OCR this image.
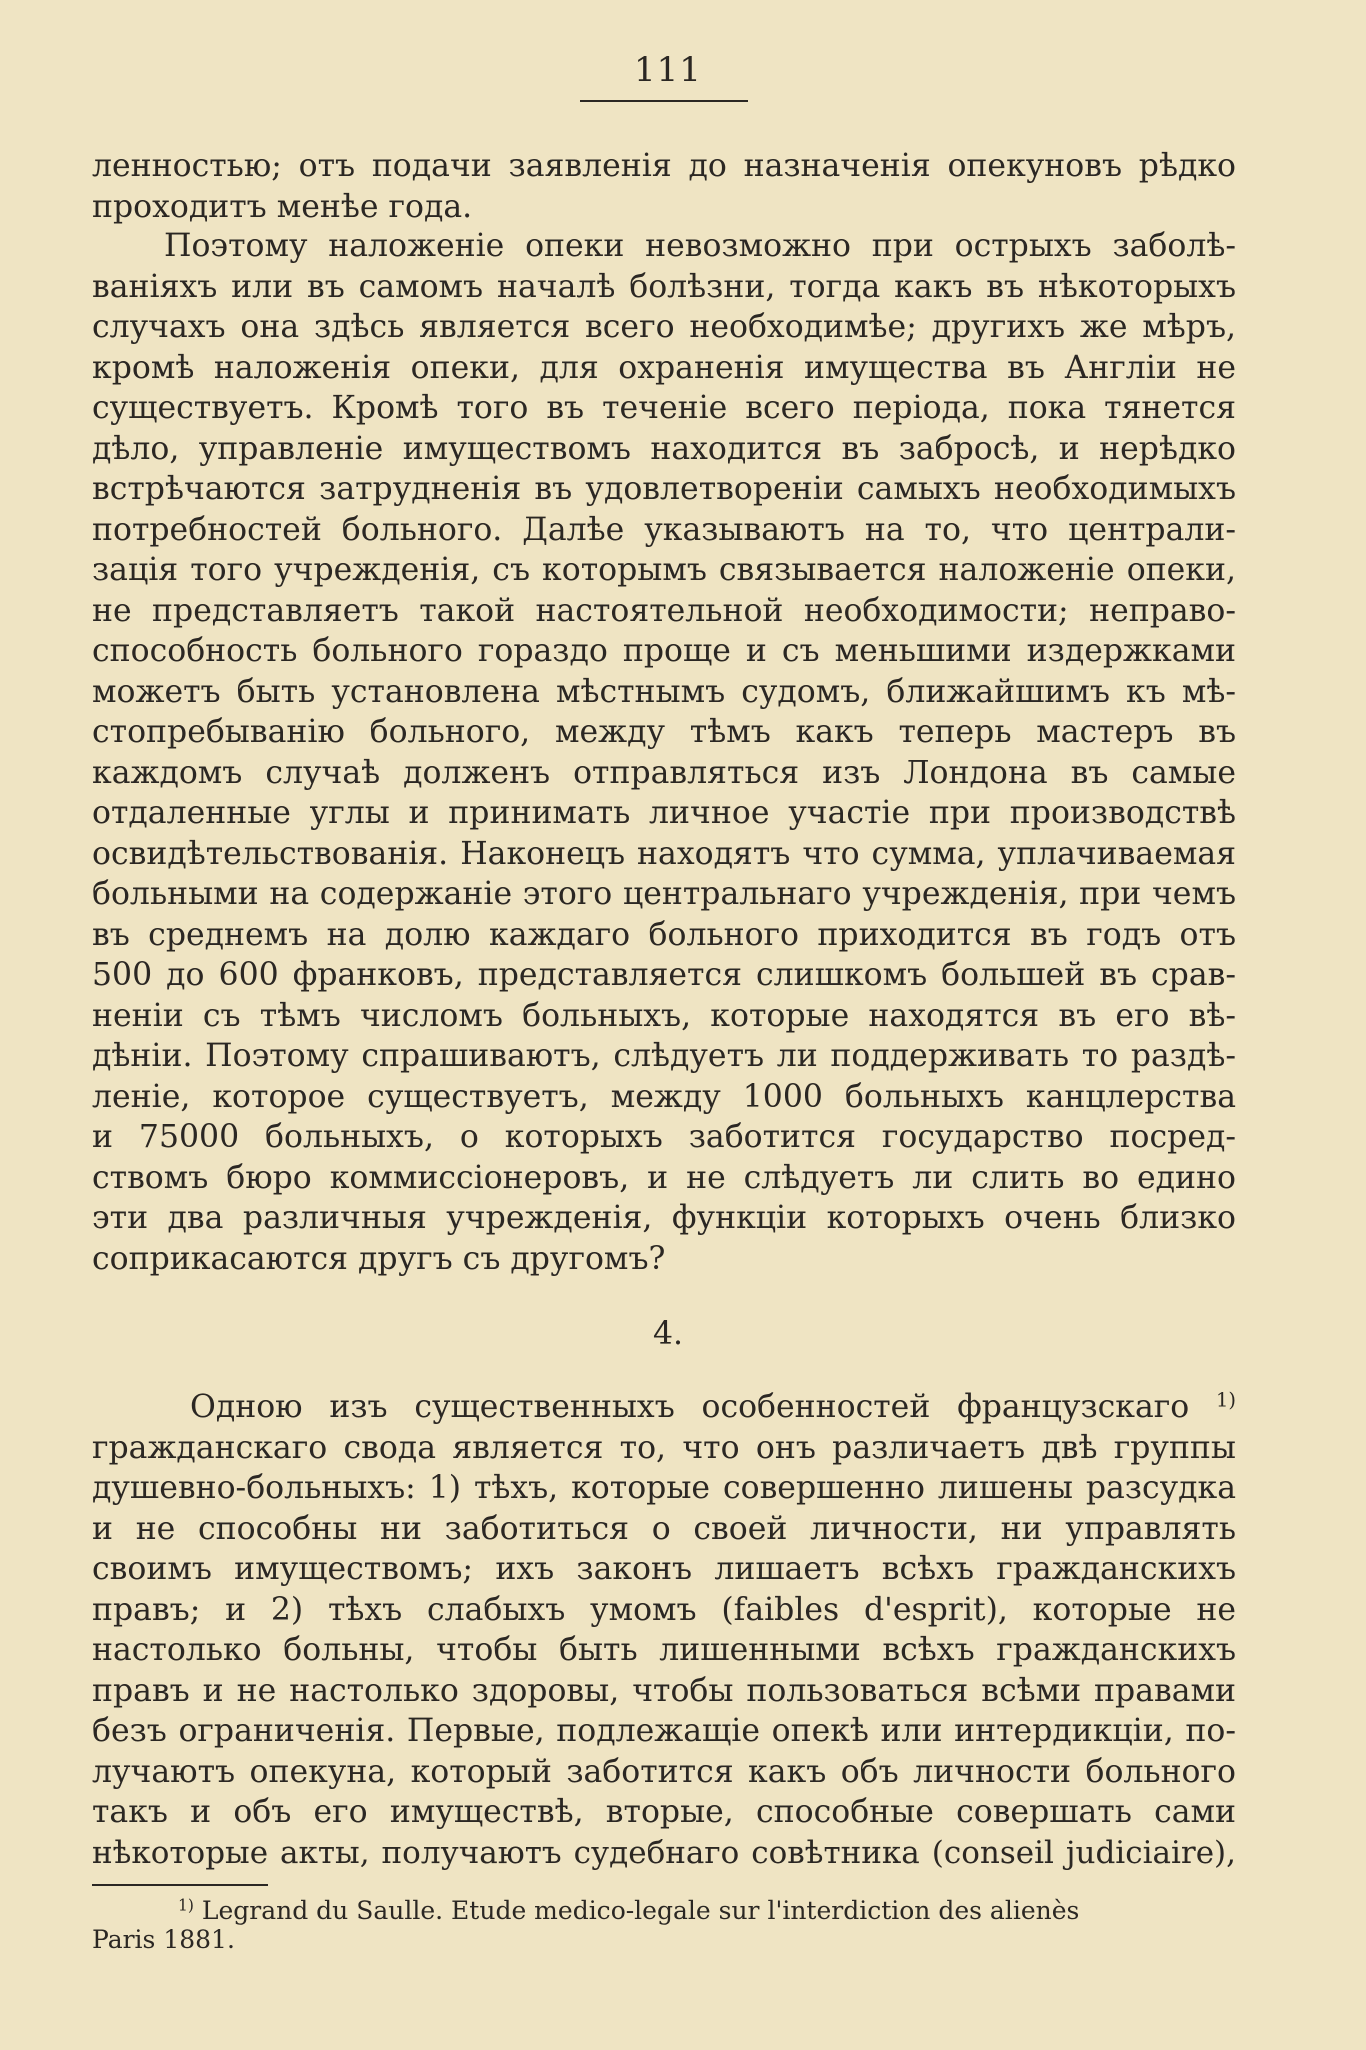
111
ленностью; отъ подачи заявленія до назначенія опекуновъ рѣдко
проходитъ менѣе года.
Поэтому наложеніе опеки невозможно при острыхъ заболѣ-
ваніяхъ или въ самомъ началѣ болѣзни, тогда какъ въ нѣкоторыхъ
случахъ она здѣсь является всего необходимѣе; другихъ же мѣръ,
кромѣ наложенія опеки, для охраненія имущества въ Англіи не
существуетъ. Кромѣ того въ теченіе всего періода, пока тянется
дѣло, управленіе имуществомъ находится въ забросѣ, и нерѣдко
встрѣчаются затрудненія въ удовлетвореніи самыхъ необходимыхъ
потребностей больного. Далѣе указываютъ на то, что централи-
зація того учрежденія, съ которымъ связывается наложеніе опеки,
не представляетъ такой настоятельной необходимости; неправо-
способность больного гораздо проще и съ меньшими издержками
можетъ быть установлена мѣстнымъ судомъ, ближайшимъ къ мѣ-
стопребыванію больного, между тѣмъ какъ теперь мастеръ въ
каждомъ случаѣ долженъ отправляться изъ Лондона въ самые
отдаленные углы и принимать личное участіе при производствѣ
освидѣтельствованія. Наконецъ находятъ что сумма, уплачиваемая
больными на содержаніе этого центральнаго учрежденія, при чемъ
въ среднемъ на долю каждаго больного приходится въ годъ отъ
500 до 600 франковъ, представляется слишкомъ большей въ срав-
неніи съ тѣмъ числомъ больныхъ, которые находятся въ его вѣ-
дѣніи. Поэтому спрашиваютъ, слѣдуетъ ли поддерживать то раздѣ-
леніе, которое существуетъ, между 1000 больныхъ канцлерства
и 75000 больныхъ, о которыхъ заботится государство посред-
ствомъ бюро коммиссіонеровъ, и не слѣдуетъ ли слить во едино
эти два различныя учрежденія, функціи которыхъ очень близко
соприкасаются другъ съ другомъ?
4.
Одною изъ существенныхъ особенностей французскаго $^{1)}$
гражданскаго свода является то, что онъ различаетъ двѣ группы
душевно-больныхъ: 1) тѣхъ, которые совершенно лишены разсудка
и не способны ни заботиться о своей личности, ни управлять
своимъ имуществомъ; ихъ законъ лишаетъ всѣхъ гражданскихъ
правъ; и 2) тѣхъ слабыхъ умомъ (faibles d'esprit), которые не
настолько больны, чтобы быть лишенными всѣхъ гражданскихъ
правъ и не настолько здоровы, чтобы пользоваться всѣми правами
безъ ограниченія. Первые, подлежащіе опекѣ или интердикціи, по-
лучаютъ опекуна, который заботится какъ объ личности больного
такъ и объ его имуществѣ, вторые, способные совершать сами
нѣкоторые акты, получаютъ судебнаго совѣтника (conseil judiciaire),
$^{1)}$ Legrand du Saulle. Etude medico-legale sur l'interdiction des alienès
Paris 1881.
